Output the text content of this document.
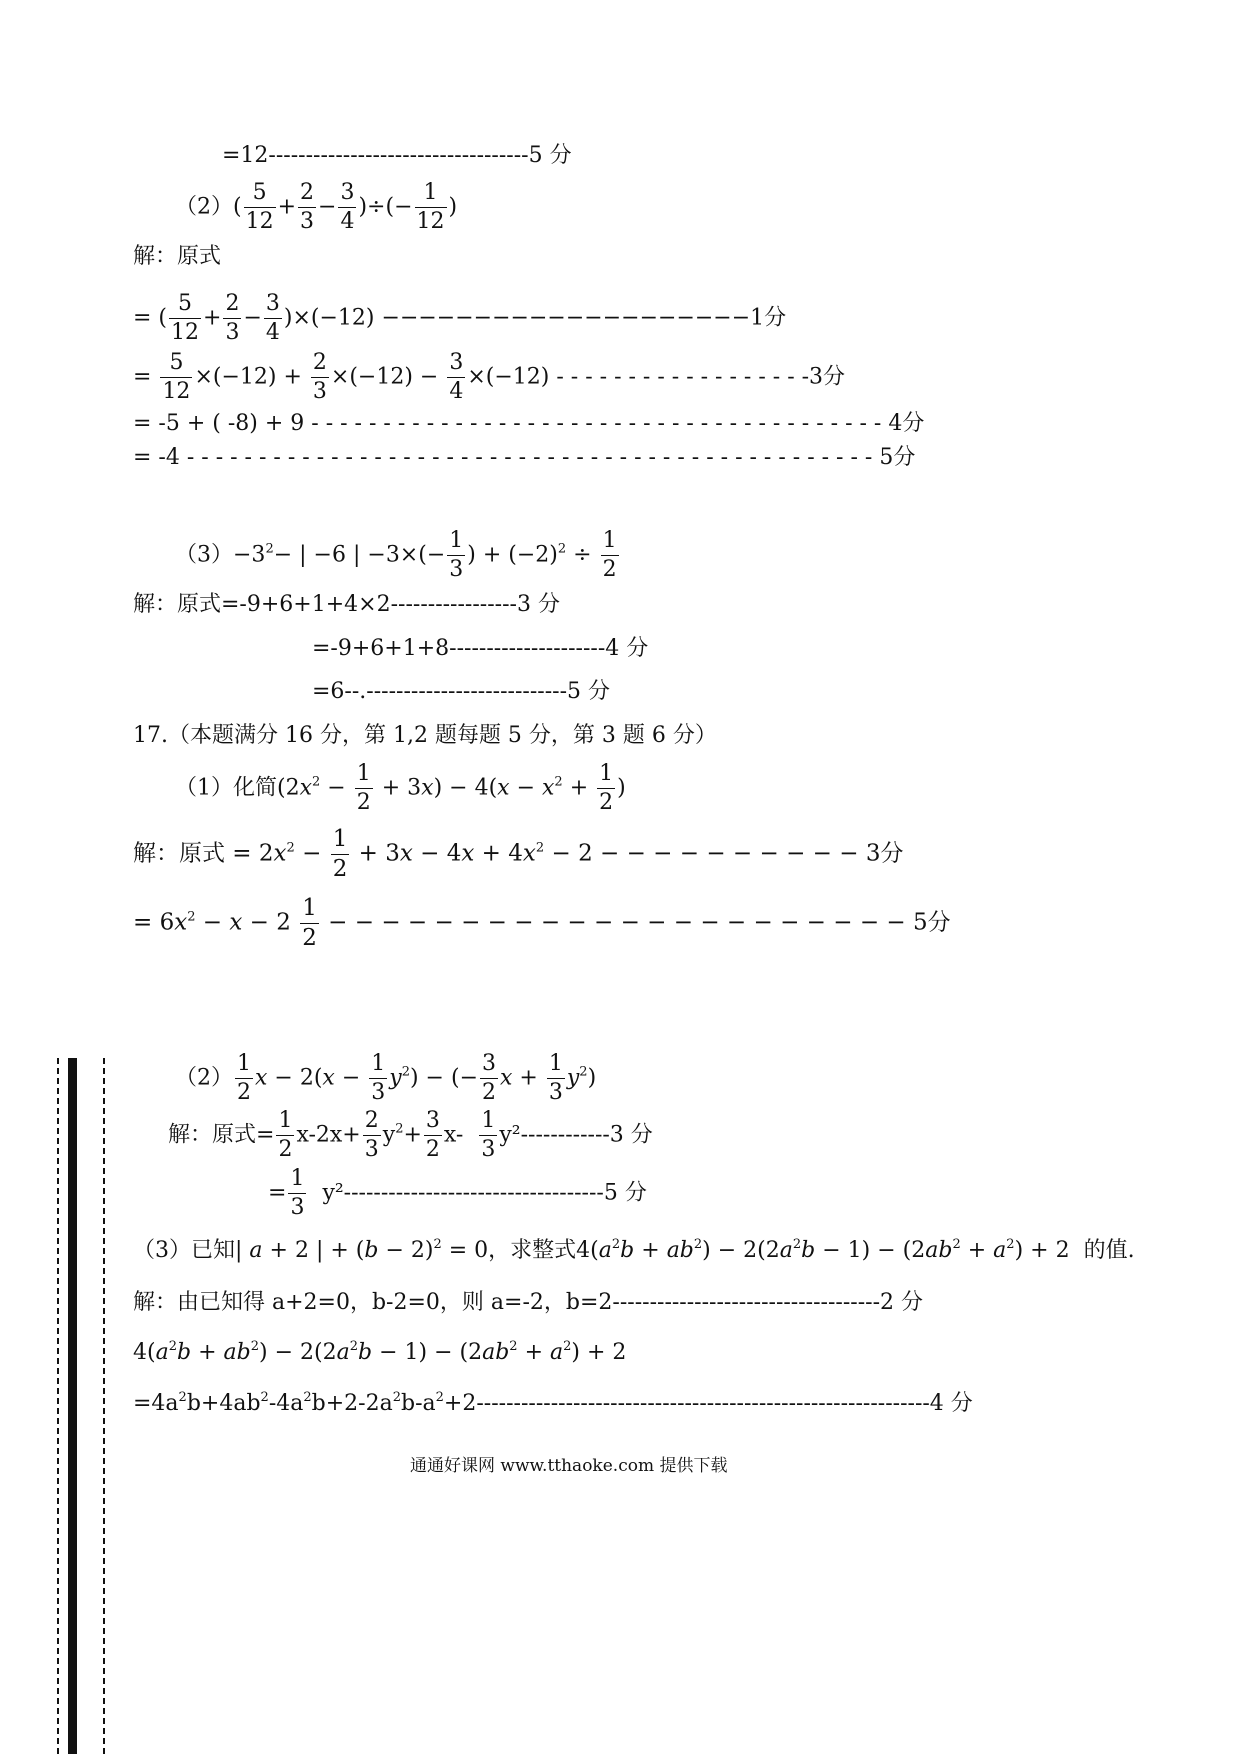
=12-----------------------------------5 分
$(2)( \frac{5}{12} + \frac{2}{3} - \frac{3}{4}$ )÷(− $\frac{1}{12}$ )
解：原式
= ( $\frac{5}{12} + \frac{2}{3} - \frac{3}{4} )\times(-12) --------------------1$分
= $\frac{5}{12} \times(-12) + \frac{2}{3} \times(-12) - \frac{3}{4} \times(-12)$ - - - - - - - - - - - - - - - - - -3分
= -5 + ( -8) + 9 - - - - - - - - - - - - - - - - - - - - - - - - - - - - - - - - - - - - - - - - 4分
= -4 - - - - - - - - - - - - - - - - - - - - - - - - - - - - - - - - - - - - - - - - - - - - - - - - 5分
$(3)-3^2-$ | −6 | $-3\times(- \frac{1}{3}$ ) + $(-2)^2 \div \frac{1}{2}$
解：原式=-9+6+1+4×2-----------------3 分
=-9+6+1+8---------------------4 分
=6--.---------------------------5 分
17.（本题满分 16 分，第 1,2 题每题 5 分，第 3 题 6 分）
（1）化简$(2x^2 - \frac{1}{2} + 3x) - 4(x - x^2 + \frac{1}{2}$ )
解：原式 = $2x^2 - \frac{1}{2} + 3x - 4x + 4x^2 - 2$ − − − − − − − − − − 3分
= $6x^2 - x - 2 \frac{1}{2}$ − − − − − − − − − − − − − − − − − − − − − − 5分
$(2) \frac{1}{2}$ $x - 2(x - \frac{1}{3} y^2)$ − (− $\frac{3}{2}$ $x + \frac{1}{3} y^2$)
解：原式= $\frac{1}{2} x-2x+ \frac{2}{3} y^2+ \frac{3}{2} x- \frac{1}{3} y^2------------3$ 分
= $\frac{1}{3} y^2-----------------------------------5$ 分
（3）已知| a + 2 | + $(b - 2)^2 = 0$，求整式$4(a^2b + ab^2) - 2(2a^2b - 1) - (2ab^2 + a^2) + 2$  的值.
解：由已知得 a+2=0，b-2=0，则 a=-2，b=2------------------------------------2 分
$4(a^2b + ab^2) - 2(2a^2b - 1) - (2ab^2 + a^2) + 2$
$=4a^2b+4ab^2-4a^2b+2-2a^2b-a^2+2-------------------------------------------------------------4$ 分
通通好课网 www.tthaoke.com 提供下载
